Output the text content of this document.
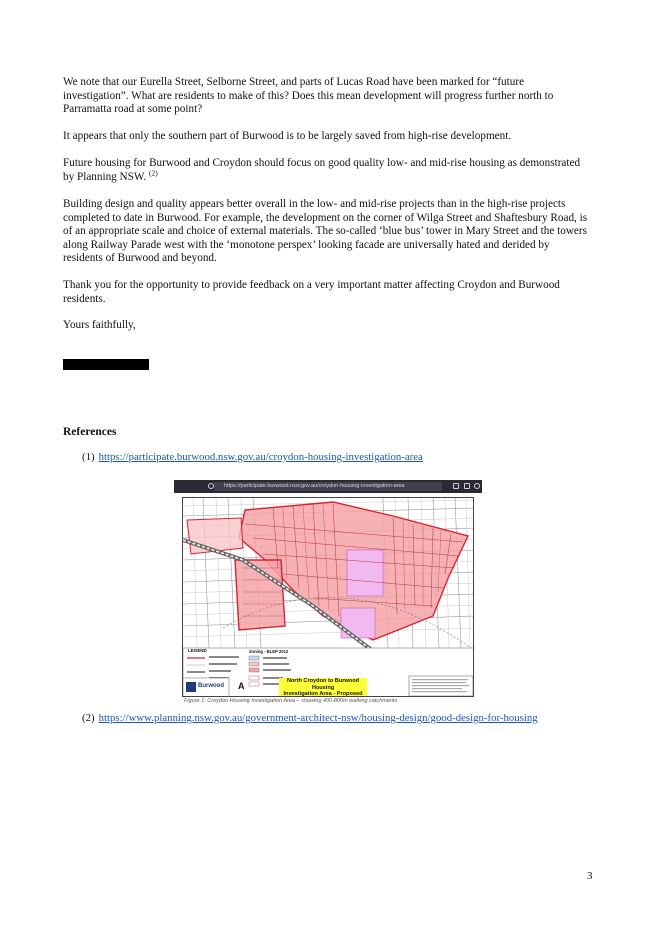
We note that our Eurella Street, Selborne Street, and parts of Lucas Road have been marked for “future investigation”. What are residents to make of this? Does this mean development will progress further north to Parramatta road at some point?

It appears that only the southern part of Burwood is to be largely saved from high-rise development.

Future housing for Burwood and Croydon should focus on good quality low- and mid-rise housing as demonstrated by Planning NSW. $^{(2)}$

Building design and quality appears better overall in the low- and mid-rise projects than in the high-rise projects completed to date in Burwood. For example, the development on the corner of Wilga Street and Shaftesbury Road, is of an appropriate scale and choice of external materials. The so-called ‘blue bus’ tower in Mary Street and the towers along Railway Parade west with the ‘monotone perspex’ looking facade are universally hated and derided by residents of Burwood and beyond.

Thank you for the opportunity to provide feedback on a very important matter affecting Croydon and Burwood residents.

Yours faithfully,

References

(1) https://participate.burwood.nsw.gov.au/croydon-housing-investigation-area
https://participate.burwood.nsw.gov.au/croydon-housing-investigation-area
LEGEND	Zoning - BLEP 2012
Burwood A	North Croydon to Burwood Housing
Investigation Area - Proposed
Figure 1: Croydon Housing Investigation Area – showing 400-800m walking catchments
(2) https://www.planning.nsw.gov.au/government-architect-nsw/housing-design/good-design-for-housing
3
